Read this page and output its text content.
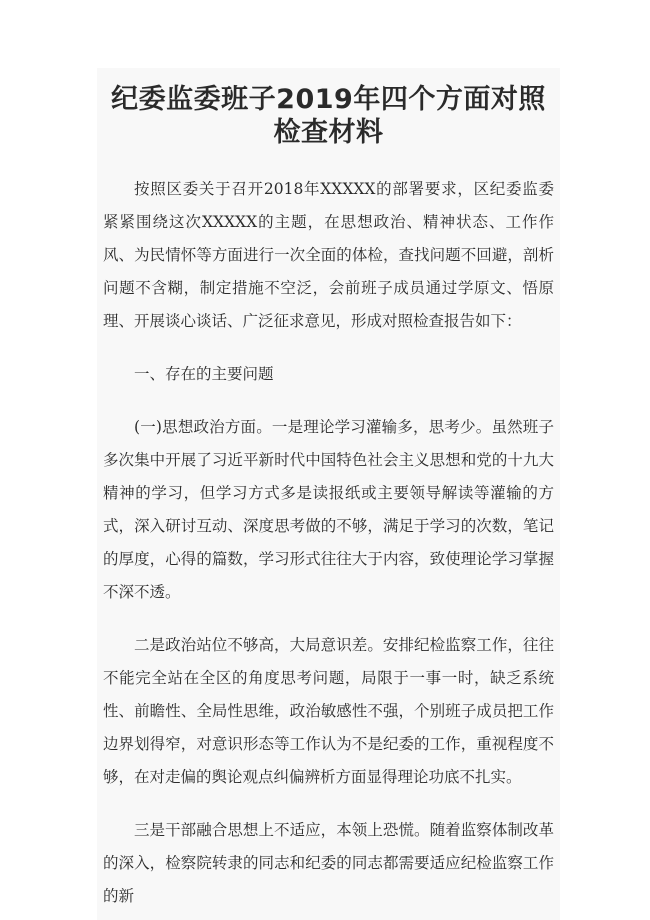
纪委监委班子2019年四个方面对照检查材料

按照区委关于召开2018年XXXXX的部署要求，区纪委监委紧紧围绕这次XXXXX的主题，在思想政治、精神状态、工作作风、为民情怀等方面进行一次全面的体检，查找问题不回避，剖析问题不含糊，制定措施不空泛，会前班子成员通过学原文、悟原理、开展谈心谈话、广泛征求意见，形成对照检查报告如下：

一、存在的主要问题

(一)思想政治方面。一是理论学习灌输多，思考少。虽然班子多次集中开展了习近平新时代中国特色社会主义思想和党的十九大精神的学习，但学习方式多是读报纸或主要领导解读等灌输的方式，深入研讨互动、深度思考做的不够，满足于学习的次数，笔记的厚度，心得的篇数，学习形式往往大于内容，致使理论学习掌握不深不透。

二是政治站位不够高，大局意识差。安排纪检监察工作，往往不能完全站在全区的角度思考问题，局限于一事一时，缺乏系统性、前瞻性、全局性思维，政治敏感性不强，个别班子成员把工作边界划得窄，对意识形态等工作认为不是纪委的工作，重视程度不够，在对走偏的舆论观点纠偏辨析方面显得理论功底不扎实。

三是干部融合思想上不适应，本领上恐慌。随着监察体制改革的深入，检察院转隶的同志和纪委的同志都需要适应纪检监察工作的新
